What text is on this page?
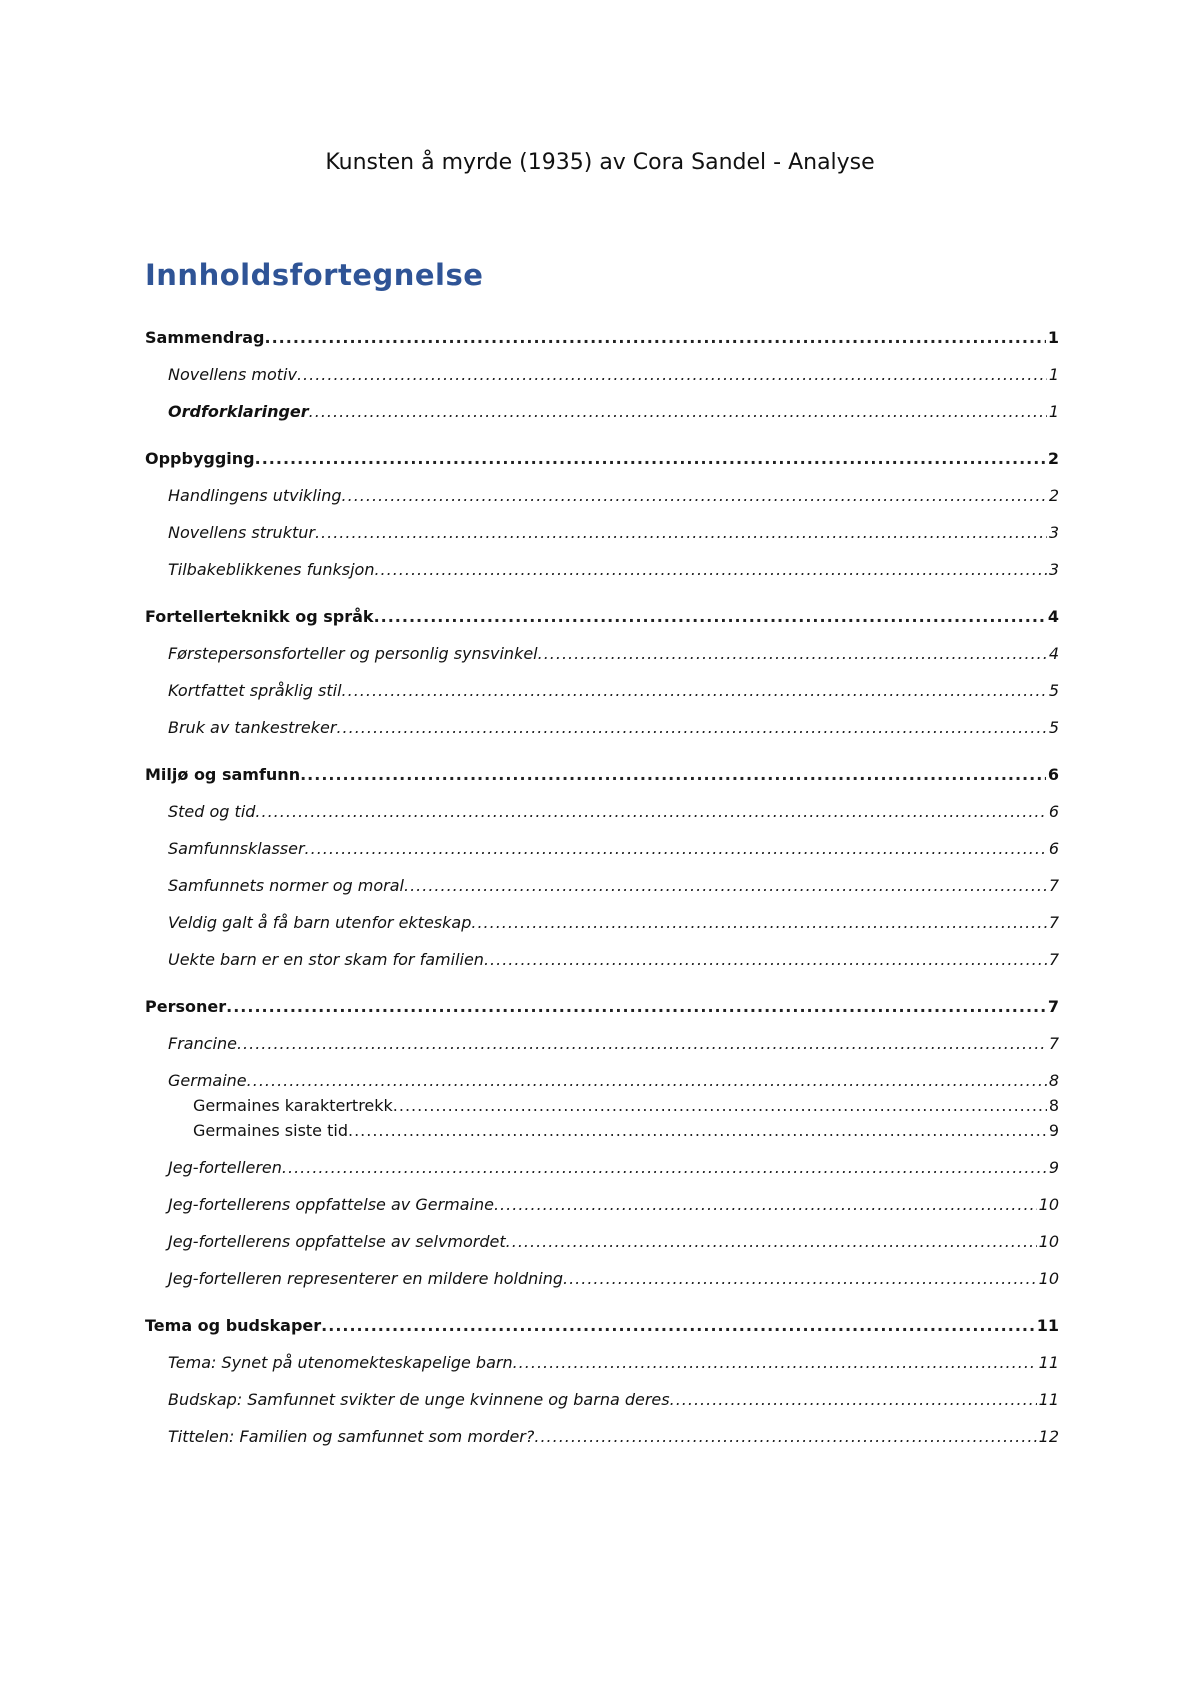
Kunsten å myrde (1935) av Cora Sandel - Analyse
Innholdsfortegnelse
Sammendrag .....	1
Novellens motiv .....	1
Ordforklaringer .....	1
Oppbygging .....	2
Handlingens utvikling .....	2
Novellens struktur .....	3
Tilbakeblikkenes funksjon .....	3
Fortellerteknikk og språk .....	4
Førstepersonsforteller og personlig synsvinkel .....	4
Kortfattet språklig stil .....	5
Bruk av tankestreker .....	5
Miljø og samfunn .....	6
Sted og tid .....	6
Samfunnsklasser .....	6
Samfunnets normer og moral .....	7
Veldig galt å få barn utenfor ekteskap .....	7
Uekte barn er en stor skam for familien .....	7
Personer .....	7
Francine .....	7
Germaine .....	8
Germaines karaktertrekk .....	8
Germaines siste tid .....	9
Jeg-fortelleren .....	9
Jeg-fortellerens oppfattelse av Germaine .....	10
Jeg-fortellerens oppfattelse av selvmordet .....	10
Jeg-fortelleren representerer en mildere holdning .....	10
Tema og budskaper .....	11
Tema: Synet på utenomekteskapelige barn .....	11
Budskap: Samfunnet svikter de unge kvinnene og barna deres .....	11
Tittelen: Familien og samfunnet som morder? .....	12
